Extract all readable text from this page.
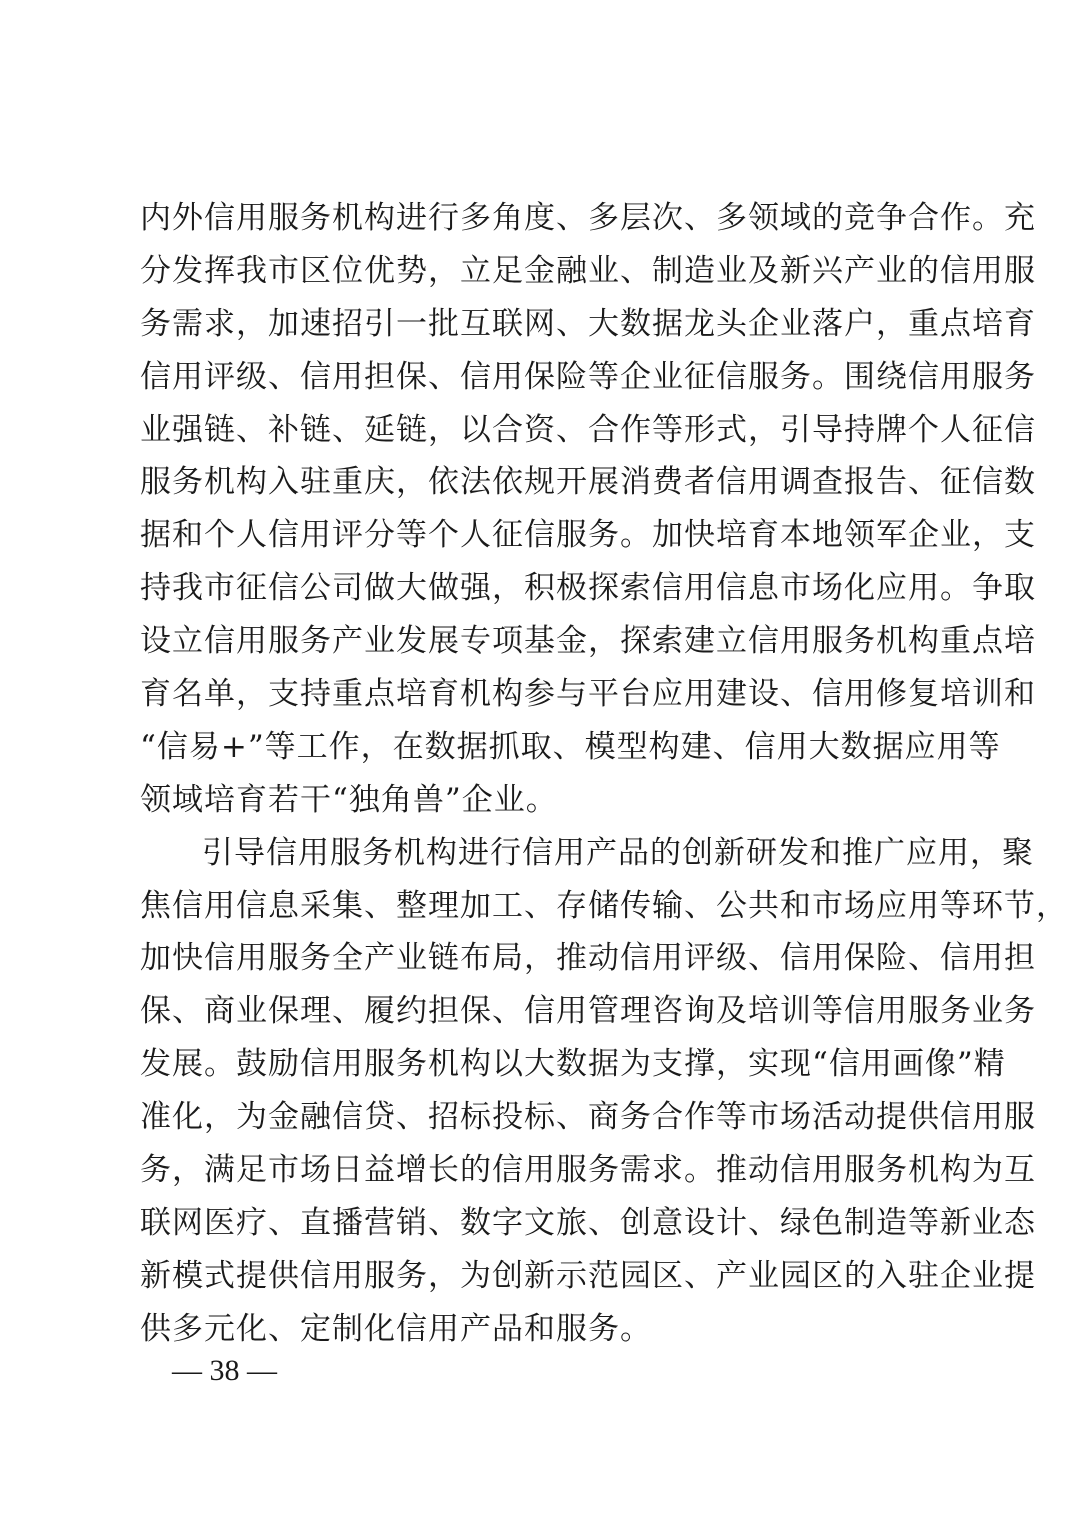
内外信用服务机构进行多角度、多层次、多领域的竞争合作。充
分发挥我市区位优势，立足金融业、制造业及新兴产业的信用服
务需求，加速招引一批互联网、大数据龙头企业落户，重点培育
信用评级、信用担保、信用保险等企业征信服务。围绕信用服务
业强链、补链、延链，以合资、合作等形式，引导持牌个人征信
服务机构入驻重庆，依法依规开展消费者信用调查报告、征信数
据和个人信用评分等个人征信服务。加快培育本地领军企业，支
持我市征信公司做大做强，积极探索信用信息市场化应用。争取
设立信用服务产业发展专项基金，探索建立信用服务机构重点培
育名单，支持重点培育机构参与平台应用建设、信用修复培训和
“信易+”等工作，在数据抓取、模型构建、信用大数据应用等
领域培育若干“独角兽”企业。
引导信用服务机构进行信用产品的创新研发和推广应用，聚
焦信用信息采集、整理加工、存储传输、公共和市场应用等环节，
加快信用服务全产业链布局，推动信用评级、信用保险、信用担
保、商业保理、履约担保、信用管理咨询及培训等信用服务业务
发展。鼓励信用服务机构以大数据为支撑，实现“信用画像”精
准化，为金融信贷、招标投标、商务合作等市场活动提供信用服
务，满足市场日益增长的信用服务需求。推动信用服务机构为互
联网医疗、直播营销、数字文旅、创意设计、绿色制造等新业态
新模式提供信用服务，为创新示范园区、产业园区的入驻企业提
供多元化、定制化信用产品和服务。
— 38 —
